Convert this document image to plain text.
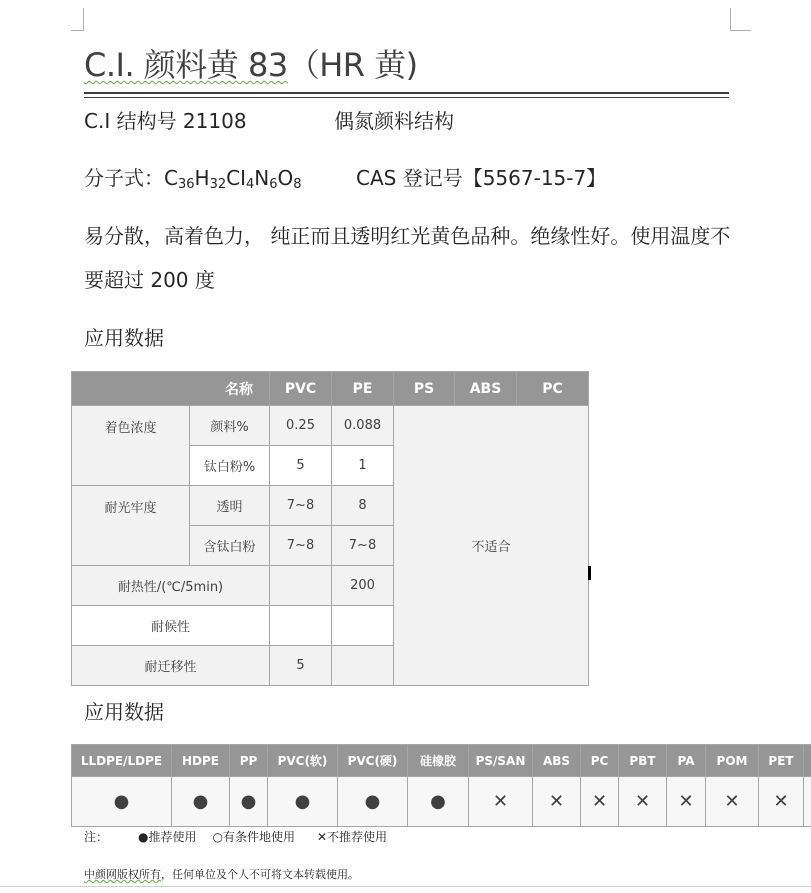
C.I. 颜料黄 83（HR 黄)
C.I 结构号 21108	偶氮颜料结构
分子式：$C_{36}H_{32}CI_4N_6O_8$	CAS 登记号【5567-15-7】
易分散，高着色力， 纯正而且透明红光黄色品种。绝缘性好。使用温度不要超过 200 度
应用数据
名称		PVC	PE	PS	ABS	PC
着色浓度	颜料%	0.25	0.088	不适合		
	钛白粉%	5	1			
耐光牢度	透明	7~8	8			
	含钛白粉	7~8	7~8			
耐热性/(℃/5min)			200			
耐候性						
耐迁移性		5				
应用数据
LLDPE/LDPE	HDPE	PP	PVC(软)	PVC(硬)	硅橡胶	PS/SAN	ABS	PC	PBT	PA	POM	PET	
●	●	●	●	●	●	✕	✕	✕	✕	✕	✕	✕	
注：	●推荐使用 ○有条件地使用 ✕不推荐使用
中颜网版权所有，任何单位及个人不可将文本转载使用。
